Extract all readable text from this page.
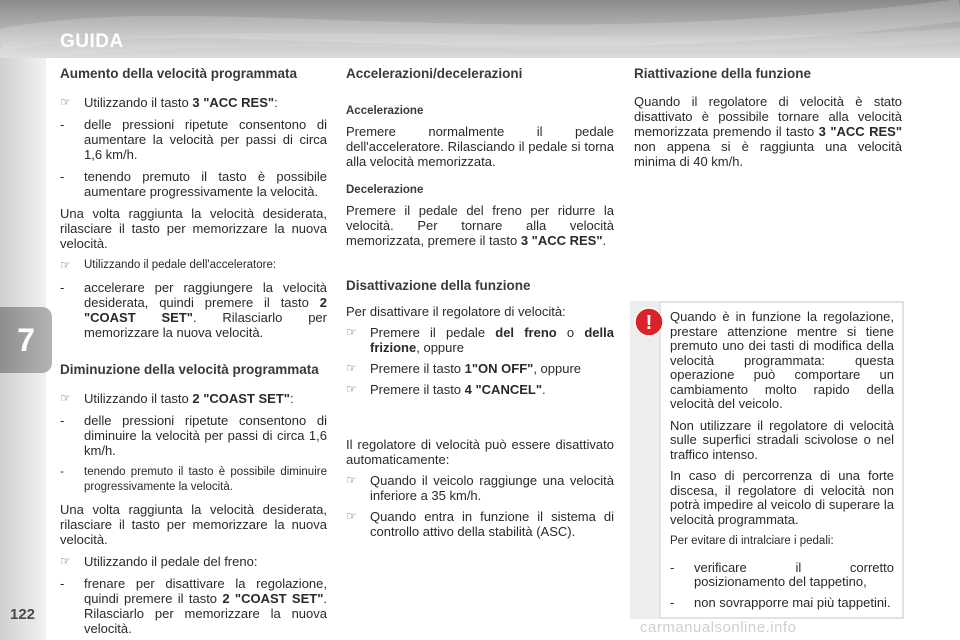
GUIDA
7
122
Aumento della velocità programmata
☞	Utilizzando il tasto 3 "ACC RES":
-	delle pressioni ripetute consentono di aumentare la velocità per passi di circa 1,6 km/h.
-	tenendo premuto il tasto è possibile aumentare progressivamente la velocità.
Una volta raggiunta la velocità desiderata, rilasciare il tasto per memorizzare la nuova velocità.
☞	Utilizzando il pedale dell'acceleratore:
-	accelerare per raggiungere la velocità desiderata, quindi premere il tasto 2 "COAST SET". Rilasciarlo per memorizzare la nuova velocità.
Diminuzione della velocità programmata
☞	Utilizzando il tasto 2 "COAST SET":
-	delle pressioni ripetute consentono di diminuire la velocità per passi di circa 1,6 km/h.
-	tenendo premuto il tasto è possibile diminuire progressivamente la velocità.
Una volta raggiunta la velocità desiderata, rilasciare il tasto per memorizzare la nuova velocità.
☞	Utilizzando il pedale del freno:
-	frenare per disattivare la regolazione, quindi premere il tasto 2 "COAST SET". Rilasciarlo per memorizzare la nuova velocità.
Accelerazioni/decelerazioni
Accelerazione
Premere normalmente il pedale dell'acceleratore. Rilasciando il pedale si torna alla velocità memorizzata.
Decelerazione
Premere il pedale del freno per ridurre la velocità. Per tornare alla velocità memorizzata, premere il tasto 3 "ACC RES".
Disattivazione della funzione
Per disattivare il regolatore di velocità:
☞	Premere il pedale del freno o della frizione, oppure
☞	Premere il tasto 1"ON OFF", oppure
☞	Premere il tasto 4 "CANCEL".
Il regolatore di velocità può essere disattivato automaticamente:
☞	Quando il veicolo raggiunge una velocità inferiore a 35 km/h.
☞	Quando entra in funzione il sistema di controllo attivo della stabilità (ASC).
Riattivazione della funzione
Quando il regolatore di velocità è stato disattivato è possibile tornare alla velocità memorizzata premendo il tasto 3 "ACC RES" non appena si è raggiunta una velocità minima di 40 km/h.
! Quando è in funzione la regolazione, prestare attenzione mentre si tiene premuto uno dei tasti di modifica della velocità programmata: questa operazione può comportare un cambiamento molto rapido della velocità del veicolo.
Non utilizzare il regolatore di velocità sulle superfici stradali scivolose o nel traffico intenso.
In caso di percorrenza di una forte discesa, il regolatore di velocità non potrà impedire al veicolo di superare la velocità programmata.
Per evitare di intralciare i pedali:
-	verificare il corretto posizionamento del tappetino,
-	non sovrapporre mai più tappetini.
carmanualsonline.info
